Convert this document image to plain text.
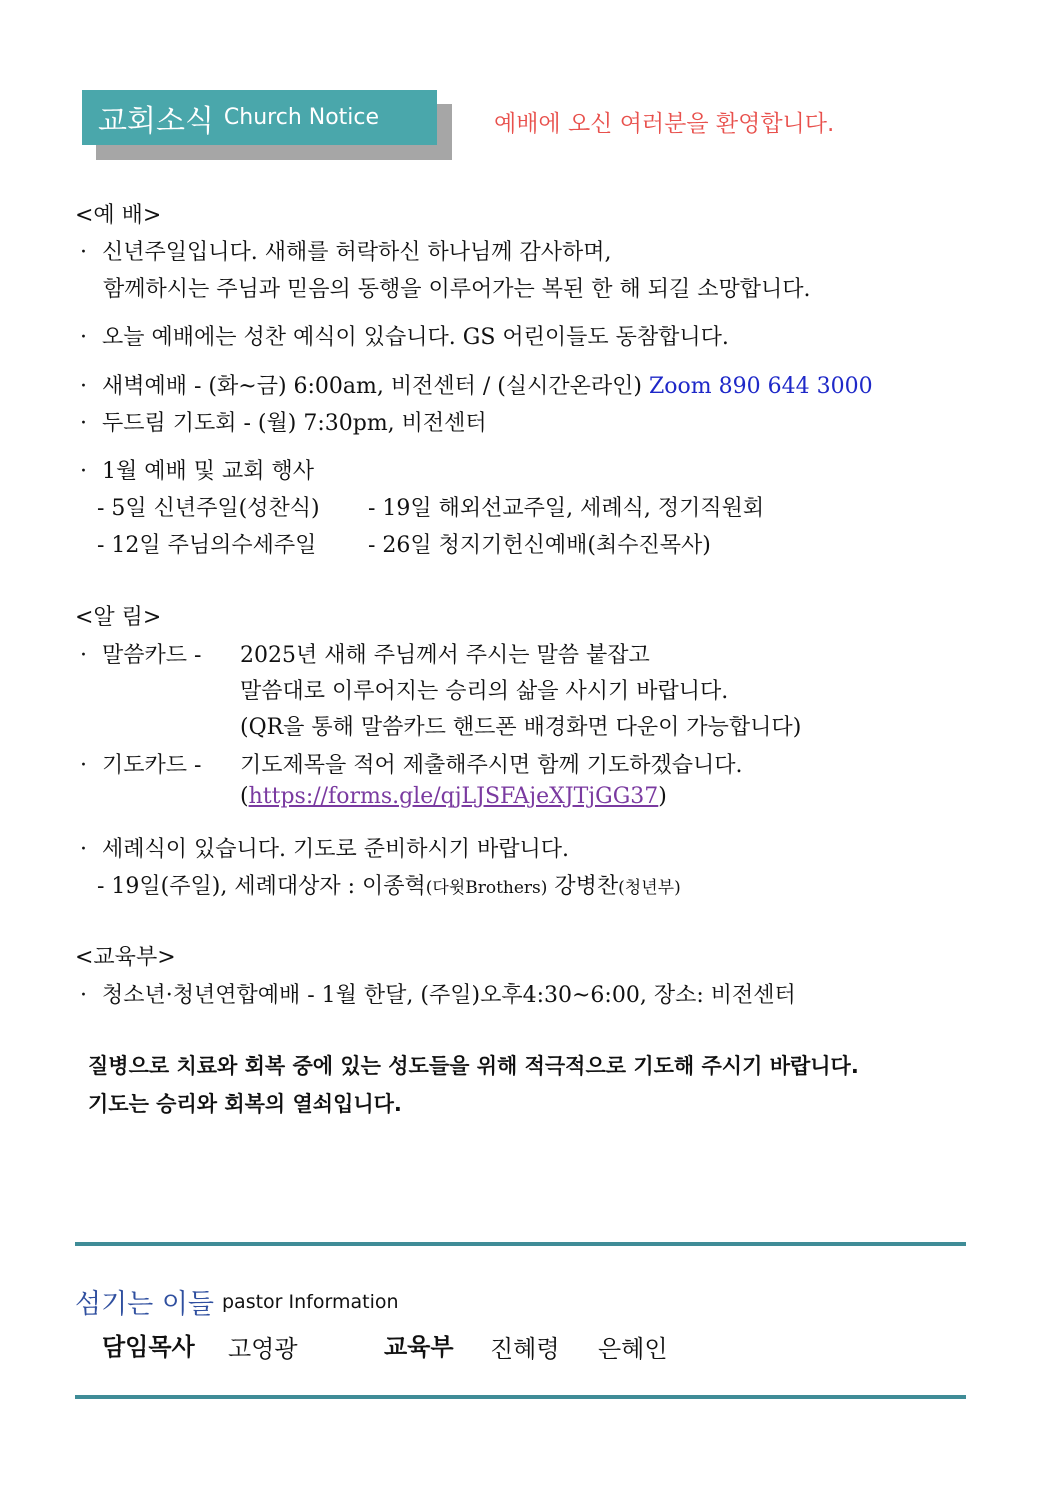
교회소식 Church Notice	예배에 오신 여러분을 환영합니다.
<예 배>
· 신년주일입니다. 새해를 허락하신 하나님께 감사하며,
함께하시는 주님과 믿음의 동행을 이루어가는 복된 한 해 되길 소망합니다.
· 오늘 예배에는 성찬 예식이 있습니다. GS 어린이들도 동참합니다.
· 새벽예배 - (화~금) 6:00am, 비전센터 / (실시간온라인) Zoom 890 644 3000
· 두드림 기도회 - (월) 7:30pm, 비전센터
· 1월 예배 및 교회 행사
- 5일 신년주일(성찬식) - 19일 해외선교주일, 세례식, 정기직원회
- 12일 주님의수세주일 - 26일 청지기헌신예배(최수진목사)
<알 림>
· 말씀카드 - 2025년 새해 주님께서 주시는 말씀 붙잡고
말씀대로 이루어지는 승리의 삶을 사시기 바랍니다.
(QR을 통해 말씀카드 핸드폰 배경화면 다운이 가능합니다)
· 기도카드 - 기도제목을 적어 제출해주시면 함께 기도하겠습니다.
(https://forms.gle/qjLJSFAjeXJTjGG37)
· 세례식이 있습니다. 기도로 준비하시기 바랍니다.
- 19일(주일), 세례대상자 : 이종혁(다윗Brothers) 강병찬(청년부)
<교육부>
· 청소년·청년연합예배 - 1월 한달, (주일)오후4:30~6:00, 장소: 비전센터
질병으로 치료와 회복 중에 있는 성도들을 위해 적극적으로 기도해 주시기 바랍니다.
기도는 승리와 회복의 열쇠입니다.
섬기는 이들 pastor Information
담임목사 고영광	교육부 진혜령 은혜인
